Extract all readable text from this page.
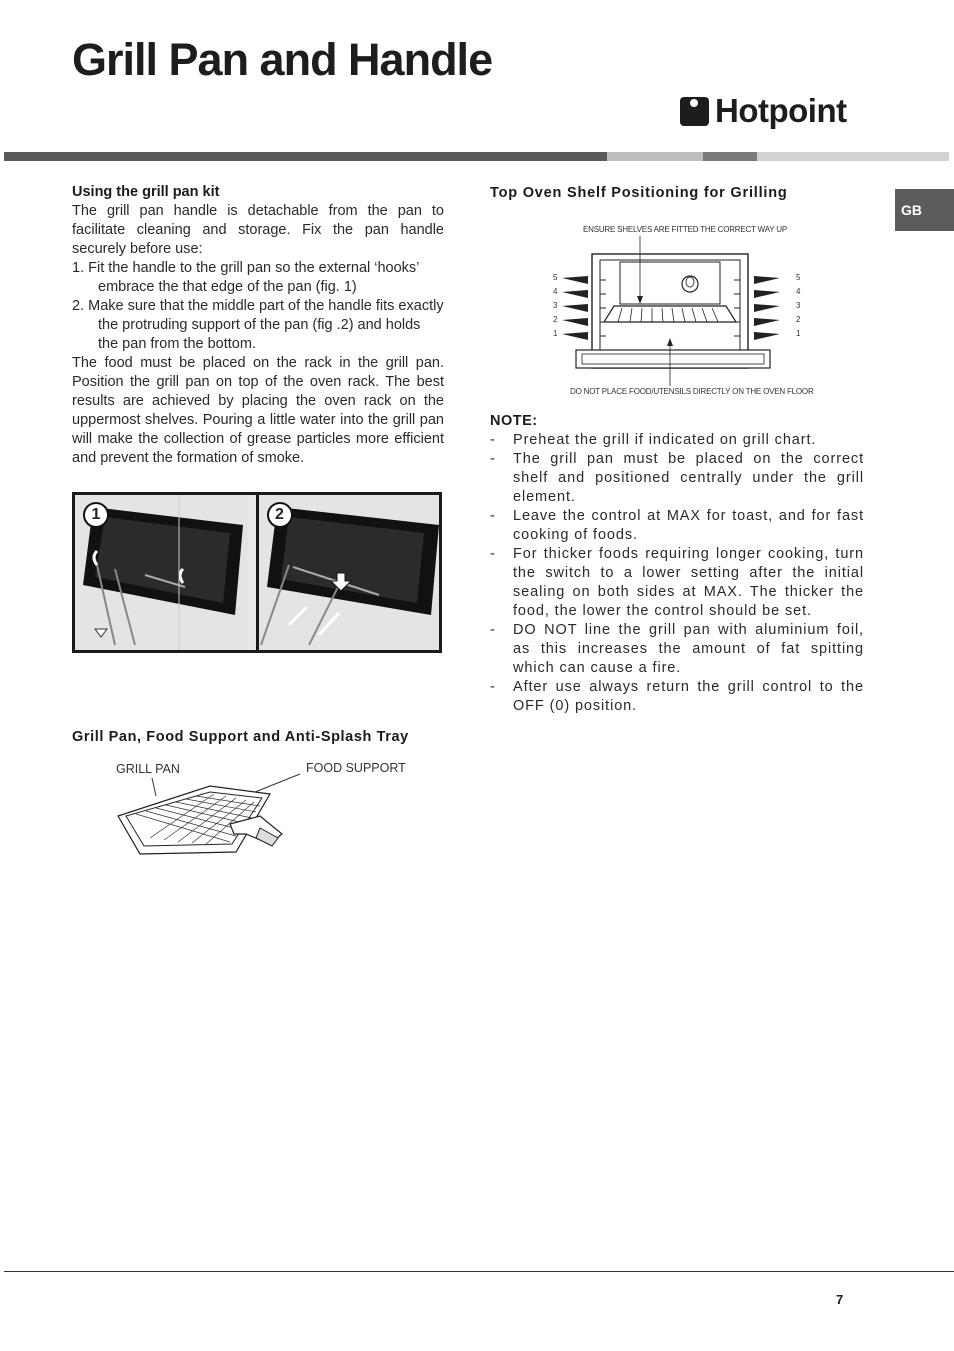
Grill Pan and Handle
Hotpoint
GB
Using the grill pan kit

The grill pan handle is detachable from the pan to facilitate cleaning and storage. Fix the pan handle securely before use:

1. Fit the handle to the grill pan so the external ‘hooks’ embrace the that edge of the pan (fig. 1)

2. Make sure that the middle part of the handle fits exactly the protruding support of the pan (fig .2) and holds the pan from the bottom.

The food must be placed on the rack in the grill pan. Position the grill pan on top of the oven rack. The best results are achieved by placing the oven rack on the uppermost shelves. Pouring a little water into the grill pan will make the collection of grease particles more efficient and prevent the formation of smoke.

1	2
Grill Pan, Food Support and Anti-Splash Tray
GRILL PAN	FOOD SUPPORT
Top Oven Shelf Positioning for Grilling
ENSURE SHELVES ARE FITTED THE CORRECT WAY UP
DO NOT PLACE FOOD/UTENSILS DIRECTLY ON THE OVEN FLOOR
5
4
3
2
1
5
4
3
2
1
NOTE:
- Preheat the grill if indicated on grill chart.
- The grill pan must be placed on the correct shelf and positioned centrally under the grill element.
- Leave the control at MAX for toast, and for fast cooking of foods.
- For thicker foods requiring longer cooking, turn the switch to a lower setting after the initial sealing on both sides at MAX. The thicker the food, the lower the control should be set.
- DO NOT line the grill pan with aluminium foil, as this increases the amount of fat spitting which can cause a fire.
- After use always return the grill control to the OFF (0) position.
7
